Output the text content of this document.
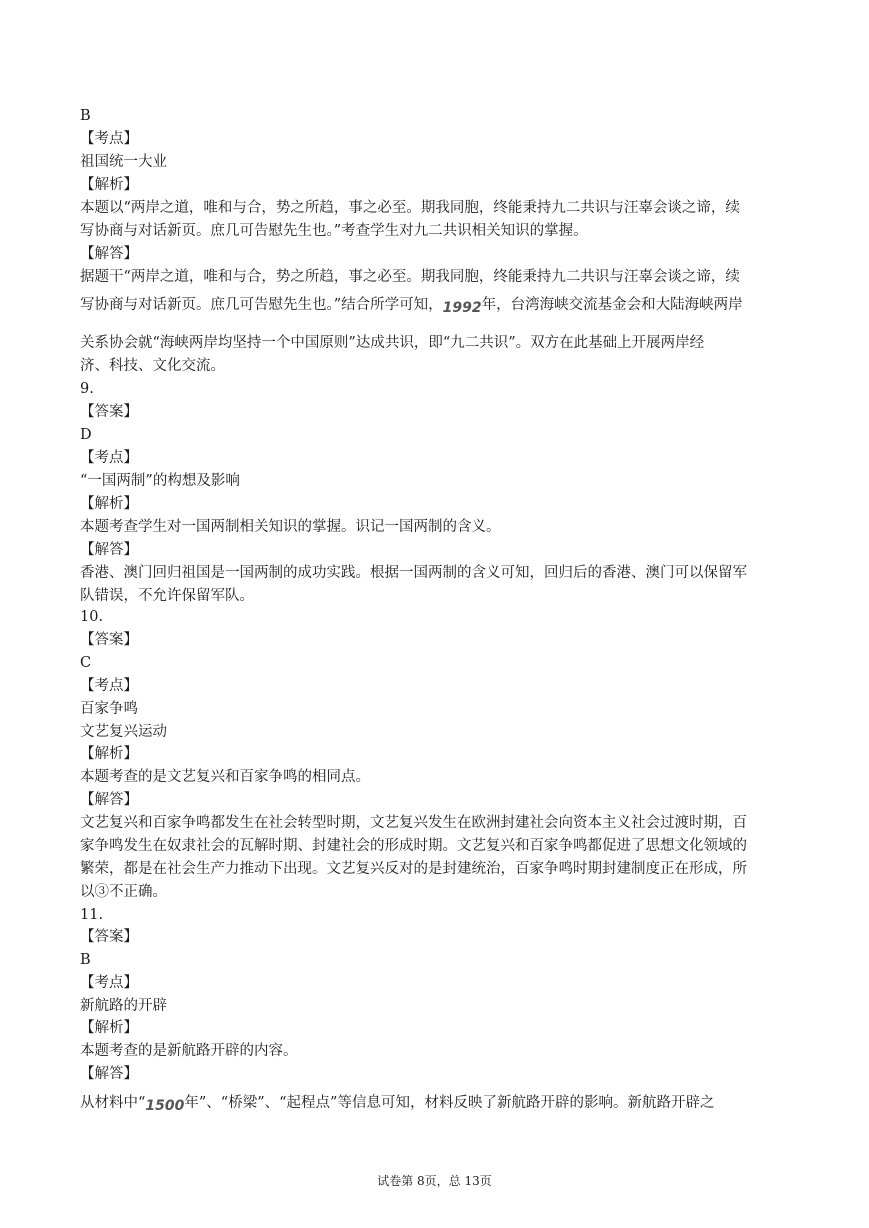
B
【考点】
祖国统一大业
【解析】
本题以“两岸之道，唯和与合，势之所趋，事之必至。期我同胞，终能秉持九二共识与汪辜会谈之谛，续
写协商与对话新页。庶几可告慰先生也。”考查学生对九二共识相关知识的掌握。
【解答】
据题干“两岸之道，唯和与合，势之所趋，事之必至。期我同胞，终能秉持九二共识与汪辜会谈之谛，续
写协商与对话新页。庶几可告慰先生也。”结合所学可知，1992年，台湾海峡交流基金会和大陆海峡两岸
关系协会就“海峡两岸均坚持一个中国原则”达成共识，即“九二共识”。双方在此基础上开展两岸经
济、科技、文化交流。
9.
【答案】
D
【考点】
“一国两制”的构想及影响
【解析】
本题考查学生对一国两制相关知识的掌握。识记一国两制的含义。
【解答】
香港、澳门回归祖国是一国两制的成功实践。根据一国两制的含义可知，回归后的香港、澳门可以保留军
队错误，不允许保留军队。
10.
【答案】
C
【考点】
百家争鸣
文艺复兴运动
【解析】
本题考查的是文艺复兴和百家争鸣的相同点。
【解答】
文艺复兴和百家争鸣都发生在社会转型时期，文艺复兴发生在欧洲封建社会向资本主义社会过渡时期，百
家争鸣发生在奴隶社会的瓦解时期、封建社会的形成时期。文艺复兴和百家争鸣都促进了思想文化领域的
繁荣，都是在社会生产力推动下出现。文艺复兴反对的是封建统治，百家争鸣时期封建制度正在形成，所
以③不正确。
11.
【答案】
B
【考点】
新航路的开辟
【解析】
本题考查的是新航路开辟的内容。
【解答】
从材料中“1500年”、“桥梁”、“起程点”等信息可知，材料反映了新航路开辟的影响。新航路开辟之
试卷第 8页，总 13页
